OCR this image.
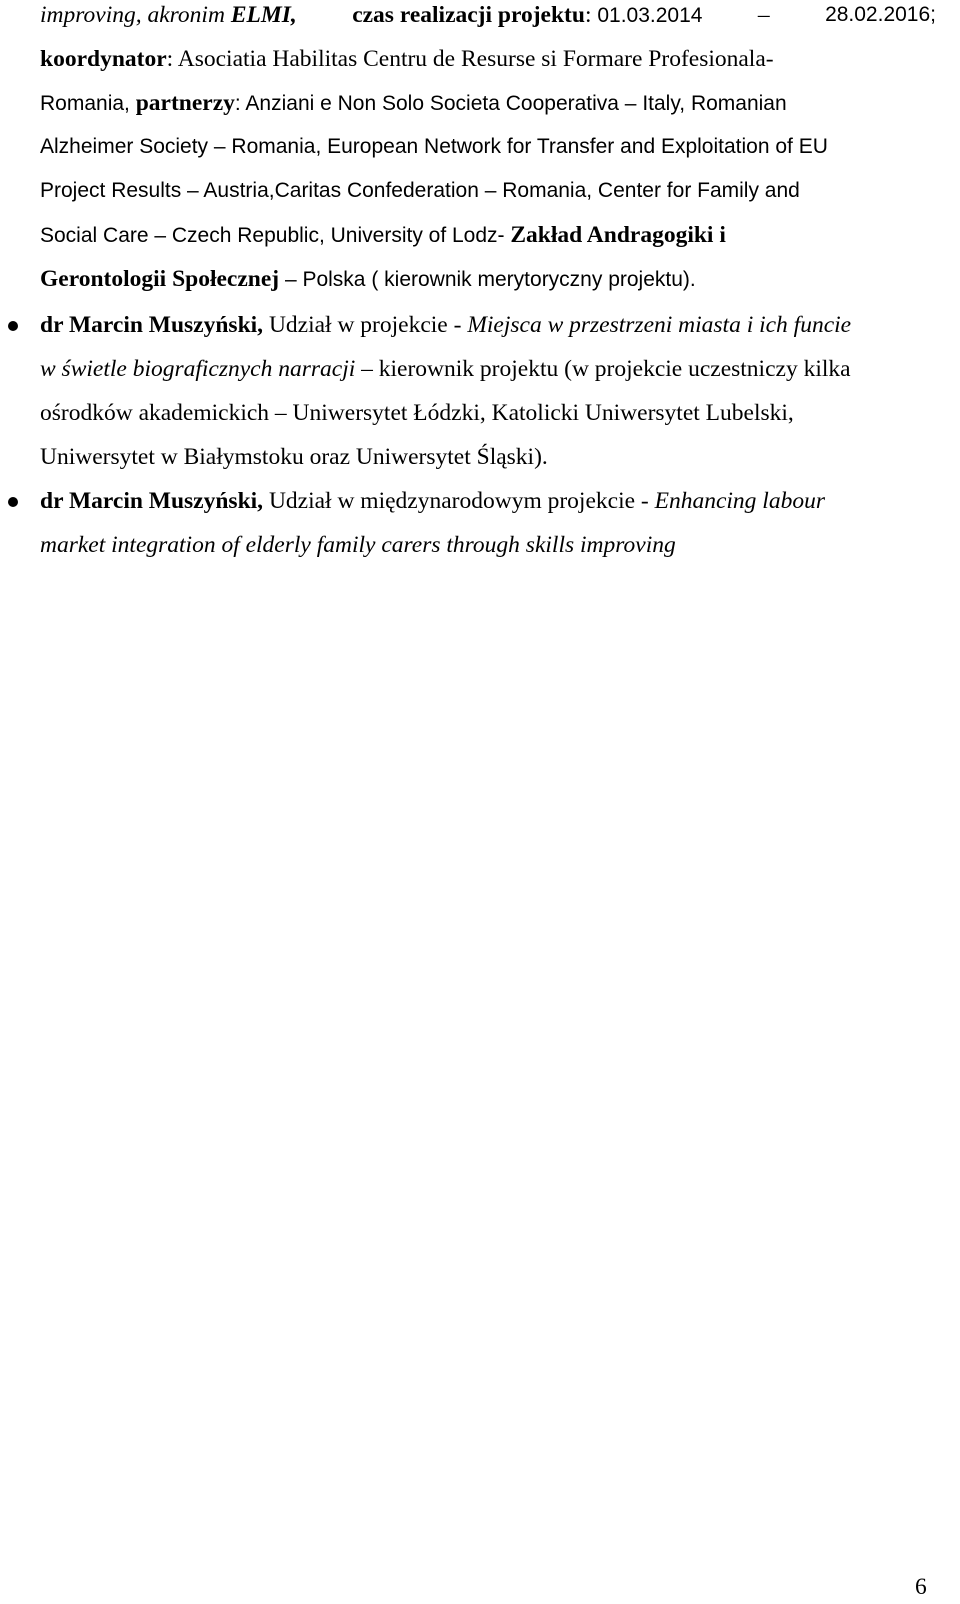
improving, akronim ELMI, czas realizacji projektu: 01.03.2014 –	28.02.2016;
koordynator: Asociatia Habilitas Centru de Resurse si Formare Profesionala-
Romania, partnerzy: Anziani e Non Solo Societa Cooperativa – Italy, Romanian
Alzheimer Society – Romania, European Network for Transfer and Exploitation of EU
Project Results – Austria,Caritas Confederation – Romania, Center for Family and
Social Care – Czech Republic, University of Lodz- Zakład Andragogiki i
Gerontologii Społecznej – Polska ( kierownik merytoryczny projektu).
dr Marcin Muszyński, Udział w projekcie - Miejsca w przestrzeni miasta i ich funcie
w świetle biograficznych narracji – kierownik projektu (w projekcie uczestniczy kilka
ośrodków akademickich – Uniwersytet Łódzki, Katolicki Uniwersytet Lubelski,
Uniwersytet w Białymstoku oraz Uniwersytet Śląski).
dr Marcin Muszyński, Udział w międzynarodowym projekcie - Enhancing labour
market integration of elderly family carers through skills improving
6
